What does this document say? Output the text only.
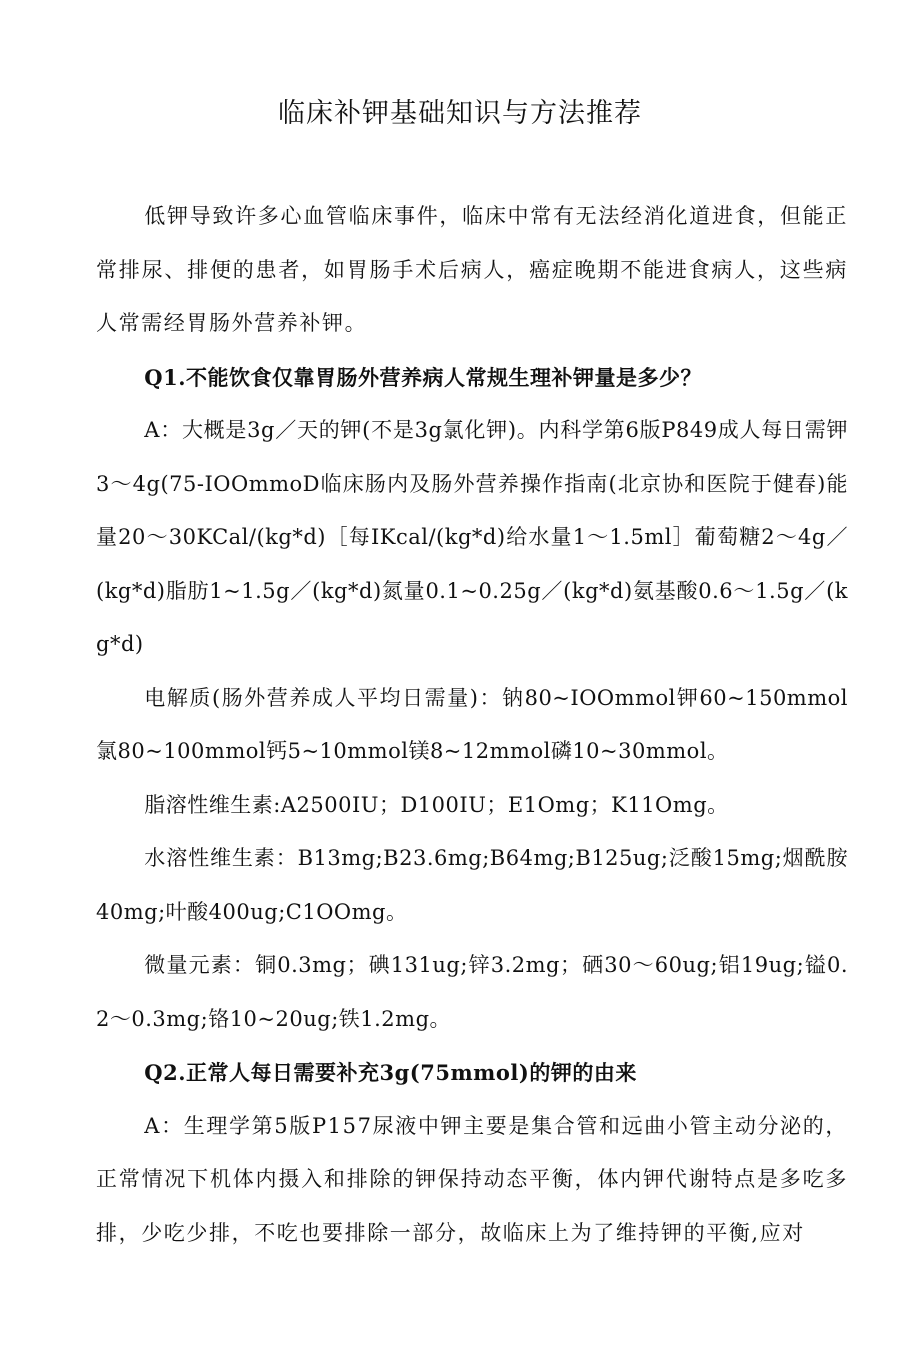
临床补钾基础知识与方法推荐

低钾导致许多心血管临床事件，临床中常有无法经消化道进食，但能正常排尿、排便的患者，如胃肠手术后病人，癌症晚期不能进食病人，这些病人常需经胃肠外营养补钾。

Q1.不能饮食仅靠胃肠外营养病人常规生理补钾量是多少？

A：大概是3g／天的钾(不是3g氯化钾)。内科学第6版P849成人每日需钾3～4g(75-IOOmmoD临床肠内及肠外营养操作指南(北京协和医院于健春)能量20～30KCal/(kg*d)［每IKcal/(kg*d)给水量1～1.5ml］葡萄糖2～4g／(kg*d)脂肪1~1.5g／(kg*d)氮量0.1~0.25g／(kg*d)氨基酸0.6～1.5g／(kg*d)

电解质(肠外营养成人平均日需量)：钠80~IOOmmol钾60~150mmol氯80~100mmol钙5~10mmol镁8~12mmol磷10~30mmol。

脂溶性维生素:A2500IU；D100IU；E1Omg；K11Omg。

水溶性维生素：B13mg;B23.6mg;B64mg;B125ug;泛酸15mg;烟酰胺40mg;叶酸400ug;C1OOmg。

微量元素：铜0.3mg；碘131ug;锌3.2mg；硒30～60ug;铝19ug;镒0.2～0.3mg;铬10~20ug;铁1.2mg。

Q2.正常人每日需要补充3g(75mmol)的钾的由来

A：生理学第5版P157尿液中钾主要是集合管和远曲小管主动分泌的，正常情况下机体内摄入和排除的钾保持动态平衡，体内钾代谢特点是多吃多排，少吃少排，不吃也要排除一部分，故临床上为了维持钾的平衡,应对
